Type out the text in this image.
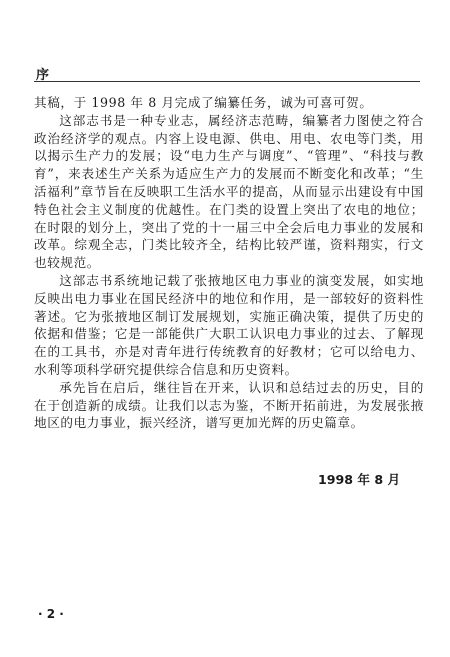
序

其稿，于 1998 年 8 月完成了编纂任务，诚为可喜可贺。

这部志书是一种专业志，属经济志范畴，编纂者力图使之符合政治经济学的观点。内容上设电源、供电、用电、农电等门类，用以揭示生产力的发展；设“电力生产与调度”、“管理”、“科技与教育”，来表述生产关系为适应生产力的发展而不断变化和改革；“生活福利”章节旨在反映职工生活水平的提高，从而显示出建设有中国特色社会主义制度的优越性。在门类的设置上突出了农电的地位；在时限的划分上，突出了党的十一届三中全会后电力事业的发展和改革。综观全志，门类比较齐全，结构比较严谨，资料翔实，行文也较规范。

这部志书系统地记载了张掖地区电力事业的演变发展，如实地反映出电力事业在国民经济中的地位和作用，是一部较好的资料性著述。它为张掖地区制订发展规划，实施正确决策，提供了历史的依据和借鉴；它是一部能供广大职工认识电力事业的过去、了解现在的工具书，亦是对青年进行传统教育的好教材；它可以给电力、水利等项科学研究提供综合信息和历史资料。

承先旨在启后，继往旨在开来，认识和总结过去的历史，目的在于创造新的成绩。让我们以志为鉴，不断开拓前进，为发展张掖地区的电力事业，振兴经济，谱写更加光辉的历史篇章。

1998 年 8 月
· 2 ·
